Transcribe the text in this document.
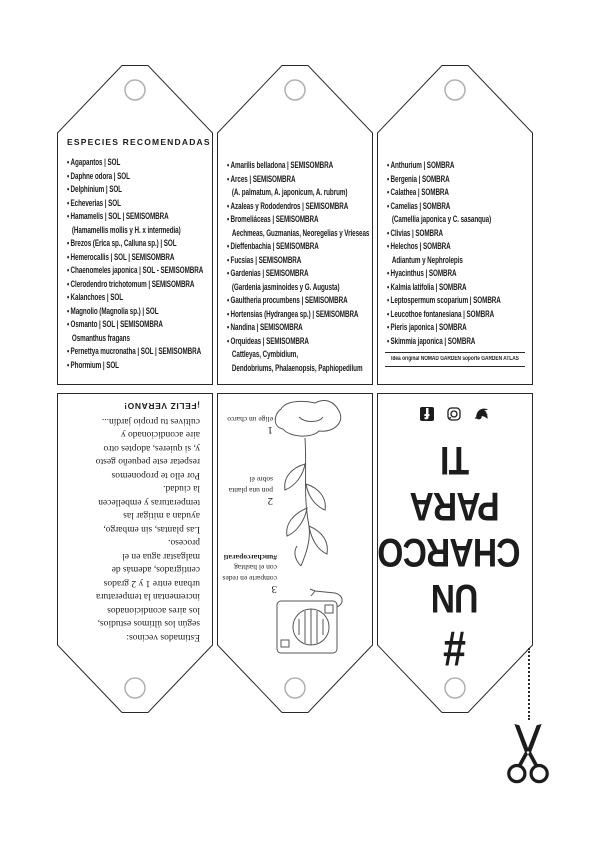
ESPECIES RECOMENDADAS
•Agapantos | SOL
•Daphne odora | SOL
•Delphinium | SOL
•Echeverias | SOL
•Hamamelis | SOL | SEMISOMBRA
(Hamamellis mollis y H. x intermedia)
•Brezos (Erica sp., Calluna sp.) | SOL
•Hemerocallis | SOL | SEMISOMBRA
•Chaenomeles japonica | SOL - SEMISOMBRA
•Clerodendro trichotomum | SEMISOMBRA
•Kalanchoes | SOL
•Magnolio (Magnolia sp.) | SOL
•Osmanto | SOL | SEMISOMBRA
Osmanthus fragans
•Pernettya mucronatha | SOL | SEMISOMBRA
•Phormium | SOL
•Amarilis belladona | SEMISOMBRA
•Arces | SEMISOMBRA
(A. palmatum, A. japonicum, A. rubrum)
•Azaleas y Rododendros | SEMISOMBRA
•Bromeliáceas | SEMISOMBRA
Aechmeas, Guzmanias, Neoregelias y Vrieseas
•Dieffenbachia | SEMISOMBRA
•Fucsias | SEMISOMBRA
•Gardenias | SEMISOMBRA
(Gardenia jasminoides y G. Augusta)
•Gaultheria procumbens | SEMISOMBRA
•Hortensias (Hydrangea sp.) | SEMISOMBRA
•Nandina | SEMISOMBRA
•Orquideas | SEMISOMBRA
Cattleyas, Cymbidium,
Dendobriums, Phalaenopsis, Paphiopedilum
•Anthurium | SOMBRA
•Bergenia | SOMBRA
•Calathea | SOMBRA
•Camelias | SOMBRA
(Camellia japonica y C. sasanqua)
•Clivias | SOMBRA
•Helechos | SOMBRA
Adiantum y Nephrolepis
•Hyacinthus | SOMBRA
•Kalmia latifolia | SOMBRA
•Leptospermum scoparium | SOMBRA
•Leucothoe fontanesiana | SOMBRA
•Pieris japonica | SOMBRA
•Skimmia japonica | SOMBRA
Idea original NOMAD GARDEN soporte GARDEN ATLAS
Estimados vecinos:
según los últimos estudios,
los aires acondicionados
incrementan la temperatura
urbana entre 1 y 2 grados
centígrados, además de
malgastar agua en el
proceso.
Las plantas, sin embargo,
ayudan a mitigar las
temperaturas y embellecen
la ciudad.
Por ello te proponemos
respetar este pequeño gesto
y, si quieres, adoptes otro
aire acondicionado y
cultives tu propio jardín...
¡FELIZ VERANO!
3
comparte en redes
con el hashtag
#uncharcoparati
2
pon una planta
sobre él
1
elige un charco
#
UN
CHARCO
PARA
TI
